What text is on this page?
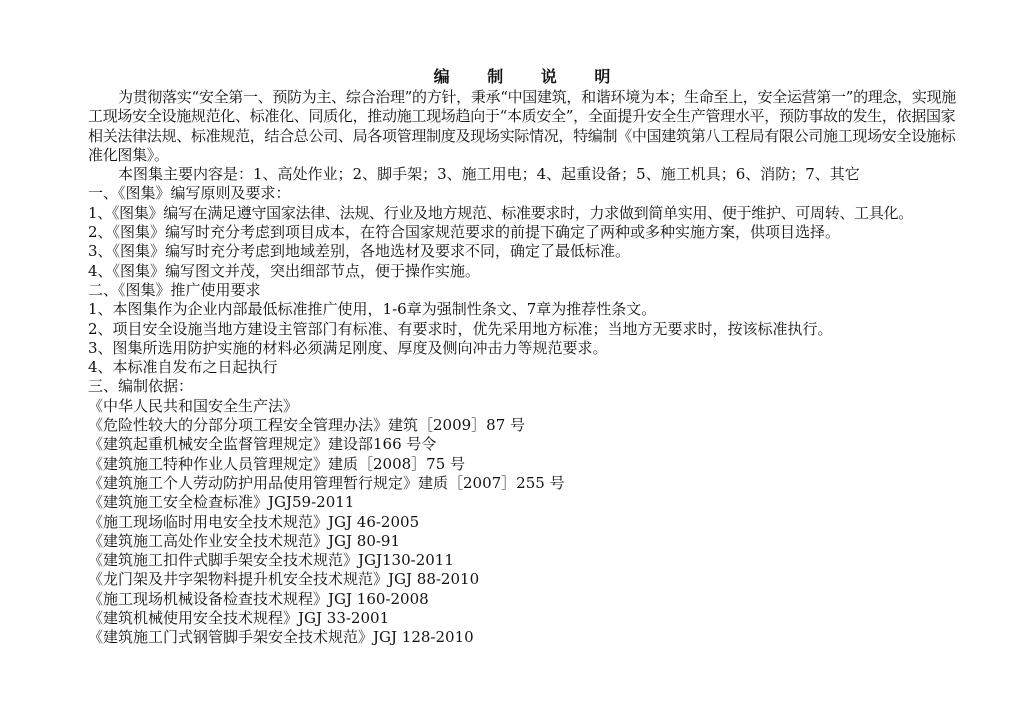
编 制 说 明

为贯彻落实“安全第一、预防为主、综合治理”的方针，秉承“中国建筑，和谐环境为本；生命至上，安全运营第一”的理念，实现施工现场安全设施规范化、标准化、同质化，推动施工现场趋向于“本质安全”，全面提升安全生产管理水平，预防事故的发生，依据国家相关法律法规、标准规范，结合总公司、局各项管理制度及现场实际情况，特编制《中国建筑第八工程局有限公司施工现场安全设施标准化图集》。

本图集主要内容是：1、高处作业；2、脚手架；3、施工用电；4、起重设备；5、施工机具；6、消防；7、其它

一、《图集》编写原则及要求：

1、《图集》编写在满足遵守国家法律、法规、行业及地方规范、标准要求时，力求做到简单实用、便于维护、可周转、工具化。

2、《图集》编写时充分考虑到项目成本，在符合国家规范要求的前提下确定了两种或多种实施方案，供项目选择。

3、《图集》编写时充分考虑到地域差别，各地选材及要求不同，确定了最低标准。

4、《图集》编写图文并茂，突出细部节点，便于操作实施。

二、《图集》推广使用要求

1、本图集作为企业内部最低标准推广使用，1-6章为强制性条文、7章为推荐性条文。

2、项目安全设施当地方建设主管部门有标准、有要求时，优先采用地方标准；当地方无要求时，按该标准执行。

3、图集所选用防护实施的材料必须满足刚度、厚度及侧向冲击力等规范要求。

4、本标准自发布之日起执行

三、编制依据：

《中华人民共和国安全生产法》

《危险性较大的分部分项工程安全管理办法》建筑［2009］87 号

《建筑起重机械安全监督管理规定》建设部166 号令

《建筑施工特种作业人员管理规定》建质［2008］75 号

《建筑施工个人劳动防护用品使用管理暂行规定》建质［2007］255 号

《建筑施工安全检查标准》JGJ59-2011

《施工现场临时用电安全技术规范》JGJ 46-2005

《建筑施工高处作业安全技术规范》JGJ 80-91

《建筑施工扣件式脚手架安全技术规范》JGJ130-2011

《龙门架及井字架物料提升机安全技术规范》JGJ 88-2010

《施工现场机械设备检查技术规程》JGJ 160-2008

《建筑机械使用安全技术规程》JGJ 33-2001

《建筑施工门式钢管脚手架安全技术规范》JGJ 128-2010
